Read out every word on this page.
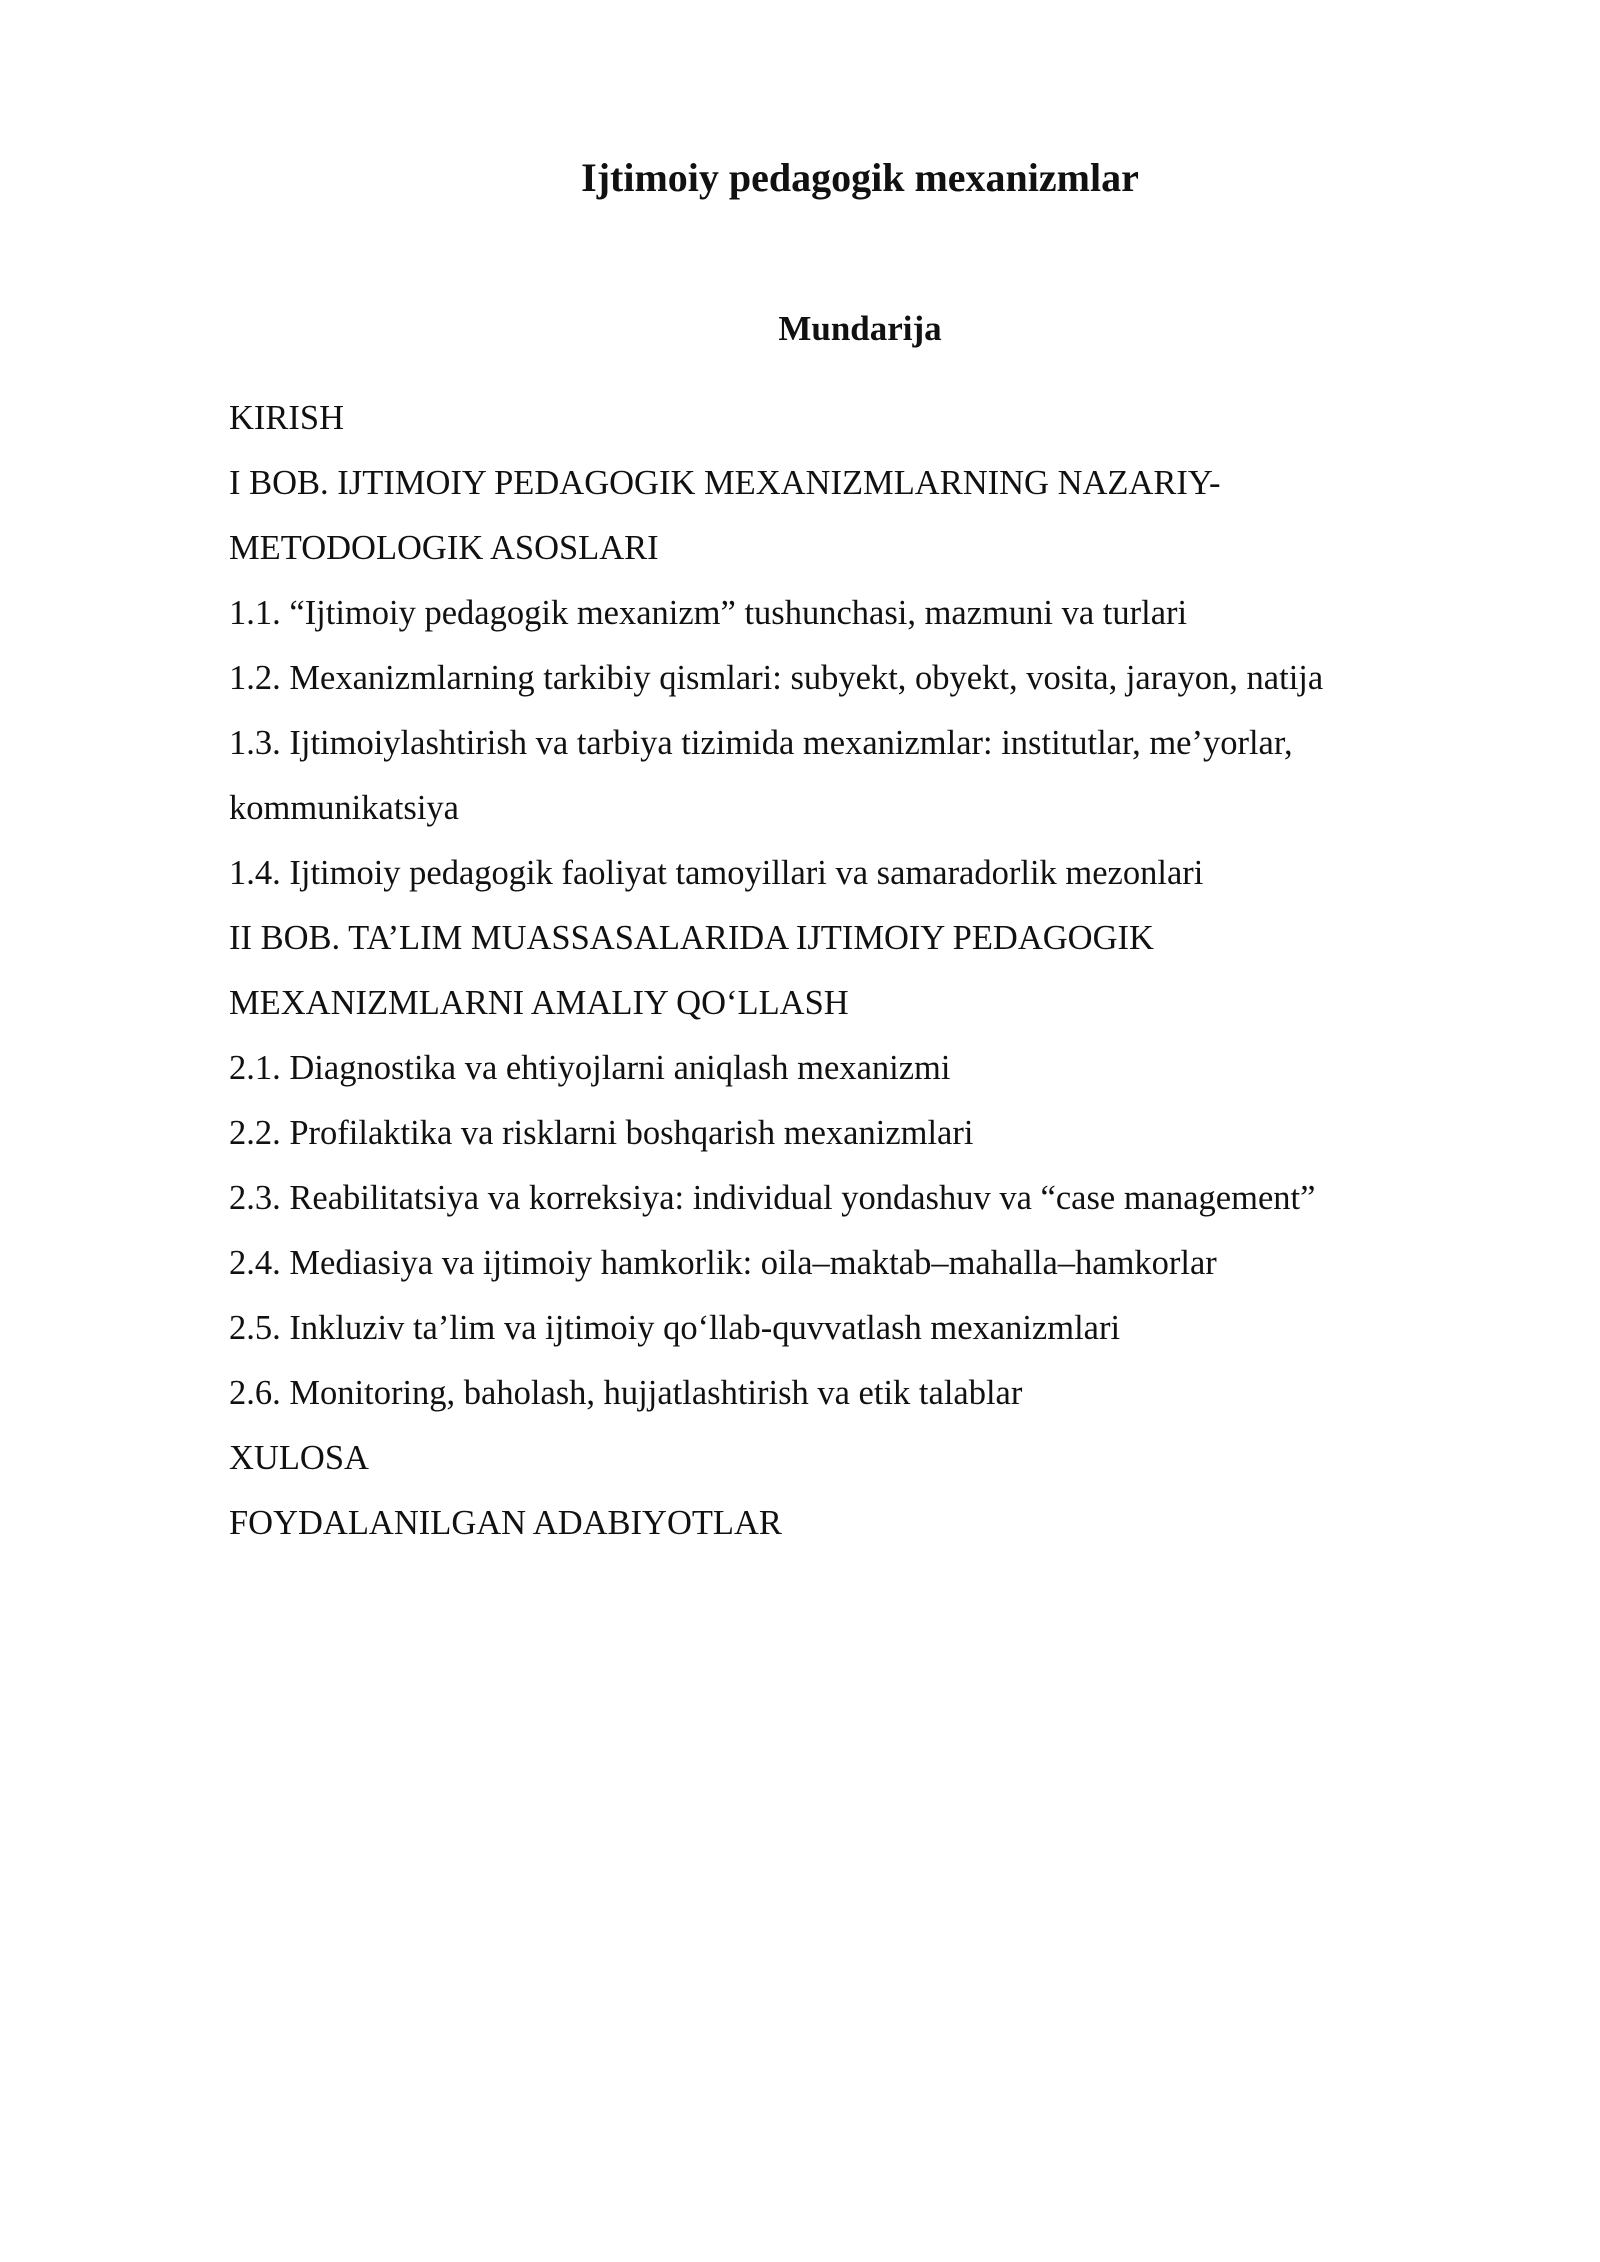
Ijtimoiy pedagogik mexanizmlar
Mundarija
KIRISH
I BOB. IJTIMOIY PEDAGOGIK MEXANIZMLARNING NAZARIY-
METODOLOGIK ASOSLARI
1.1. “Ijtimoiy pedagogik mexanizm” tushunchasi, mazmuni va turlari
1.2. Mexanizmlarning tarkibiy qismlari: subyekt, obyekt, vosita, jarayon, natija
1.3. Ijtimoiylashtirish va tarbiya tizimida mexanizmlar: institutlar, me’yorlar,
kommunikatsiya
1.4. Ijtimoiy pedagogik faoliyat tamoyillari va samaradorlik mezonlari
II BOB. TA’LIM MUASSASALARIDA IJTIMOIY PEDAGOGIK
MEXANIZMLARNI AMALIY QO‘LLASH
2.1. Diagnostika va ehtiyojlarni aniqlash mexanizmi
2.2. Profilaktika va risklarni boshqarish mexanizmlari
2.3. Reabilitatsiya va korreksiya: individual yondashuv va “case management”
2.4. Mediasiya va ijtimoiy hamkorlik: oila–maktab–mahalla–hamkorlar
2.5. Inkluziv ta’lim va ijtimoiy qo‘llab-quvvatlash mexanizmlari
2.6. Monitoring, baholash, hujjatlashtirish va etik talablar
XULOSA
FOYDALANILGAN ADABIYOTLAR
